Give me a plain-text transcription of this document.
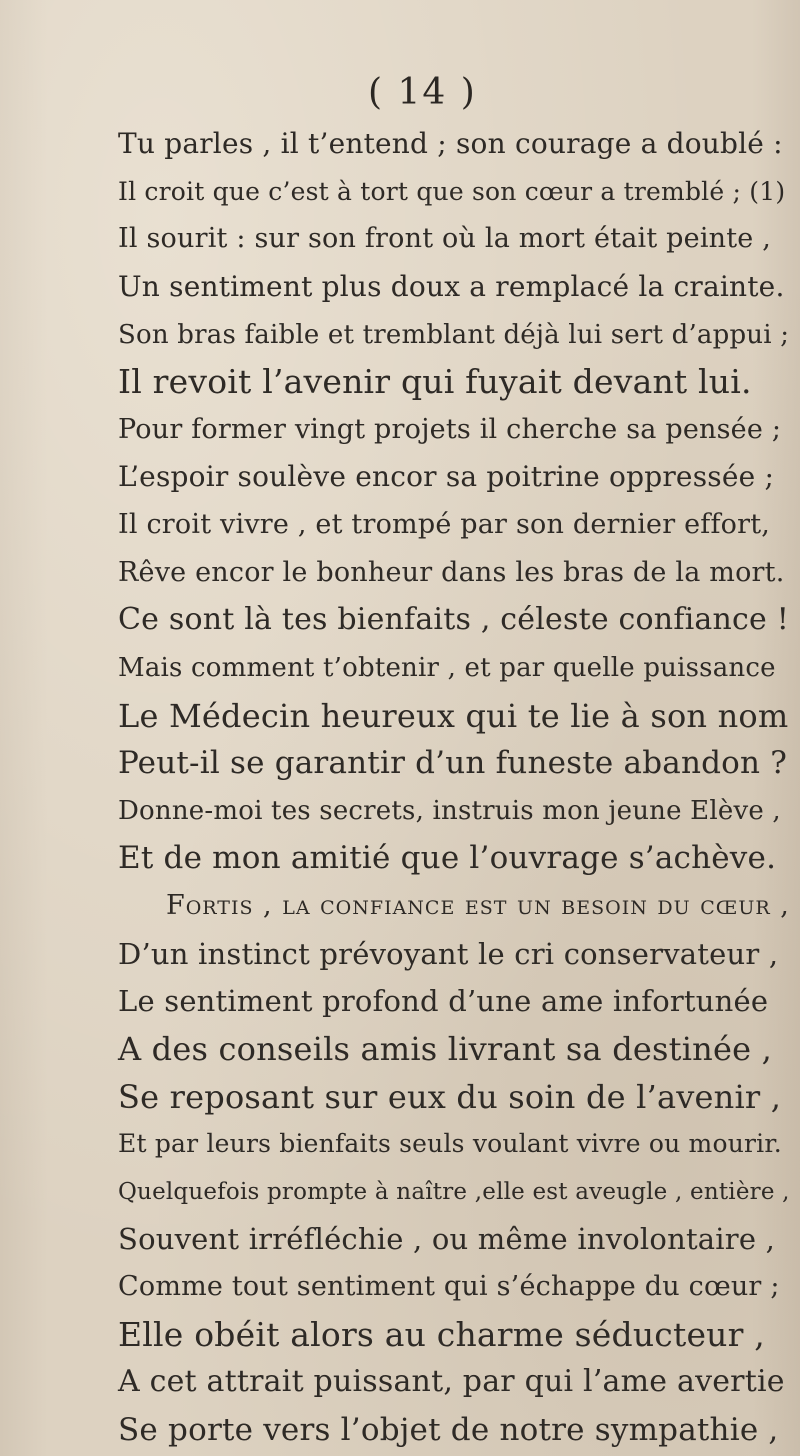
( 14 )
Tu parles , il t’entend ; son courage a doublé :
Il croit que c’est à tort que son cœur a tremblé ; (1)
Il sourit : sur son front où la mort était peinte ,
Un sentiment plus doux a remplacé la crainte.
Son bras faible et tremblant déjà lui sert d’appui ;
Il revoit l’avenir qui fuyait devant lui.
Pour former vingt projets il cherche sa pensée ;
L’espoir soulève encor sa poitrine oppressée ;
Il croit vivre , et trompé par son dernier effort,
Rêve encor le bonheur dans les bras de la mort.
Ce sont là tes bienfaits , céleste confiance !
Mais comment t’obtenir , et par quelle puissance
Le Médecin heureux qui te lie à son nom
Peut-il se garantir d’un funeste abandon ?
Donne-moi tes secrets, instruis mon jeune Elève ,
Et de mon amitié que l’ouvrage s’achève.
Fortis , la confiance est un besoin du cœur ,
D’un instinct prévoyant le cri conservateur ,
Le sentiment profond d’une ame infortunée
A des conseils amis livrant sa destinée ,
Se reposant sur eux du soin de l’avenir ,
Et par leurs bienfaits seuls voulant vivre ou mourir.
Quelquefois prompte à naître ,elle est aveugle , entière ,
Souvent irréfléchie , ou même involontaire ,
Comme tout sentiment qui s’échappe du cœur ;
Elle obéit alors au charme séducteur ,
A cet attrait puissant, par qui l’ame avertie
Se porte vers l’objet de notre sympathie ,
